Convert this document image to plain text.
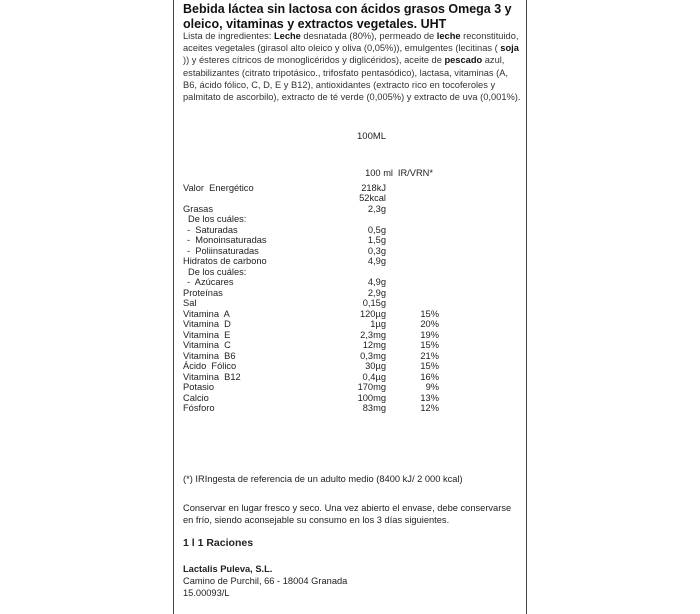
Bebida láctea sin lactosa con ácidos grasos Omega 3 y oleico, vitaminas y extractos vegetales. UHT

Lista de ingredientes: Leche desnatada (80%), permeado de leche reconstituido, aceites vegetales (girasol alto oleico y oliva (0,05%)), emulgentes (lecitinas ( soja )) y ésteres cítricos de monoglicéridos y diglicéridos), aceite de pescado azul, estabilizantes (citrato tripotásico., trifosfato pentasódico), lactasa, vitaminas (A, B6, ácido fólico, C, D, E y B12), antioxidantes (extracto rico en tocoferoles y palmitato de ascorbilo), extracto de té verde (0,005%) y extracto de uva (0,001%).

100ML

100 ml

IR/VRN*

Valor  Energético	218kJ
52kcal
Grasas	2,3g
De los cuáles:
-  Saturadas	0,5g
-  Monoinsaturadas	1,5g
-  Poliinsaturadas	0,3g
Hidratos de carbono	4,9g
De los cuáles:
-  Azúcares	4,9g
Proteínas	2,9g
Sal	0,15g
Vitamina  A	120µg	15%
Vitamina  D	1µg	20%
Vitamina  E	2,3mg	19%
Vitamina  C	12mg	15%
Vitamina  B6	0,3mg	21%
Ácido  Fólico	30µg	15%
Vitamina  B12	0,4µg	16%
Potasio	170mg	9%
Calcio	100mg	13%
Fósforo	83mg	12%

(*) IRIngesta de referencia de un adulto medio (8400 kJ/ 2 000 kcal)

Conservar en lugar fresco y seco. Una vez abierto el envase, debe conservarse en frío, siendo aconsejable su consumo en los 3 días siguientes.

1 l 1 Raciones

Lactalis Puleva, S.L.
Camino de Purchil, 66 - 18004 Granada
15.00093/L
